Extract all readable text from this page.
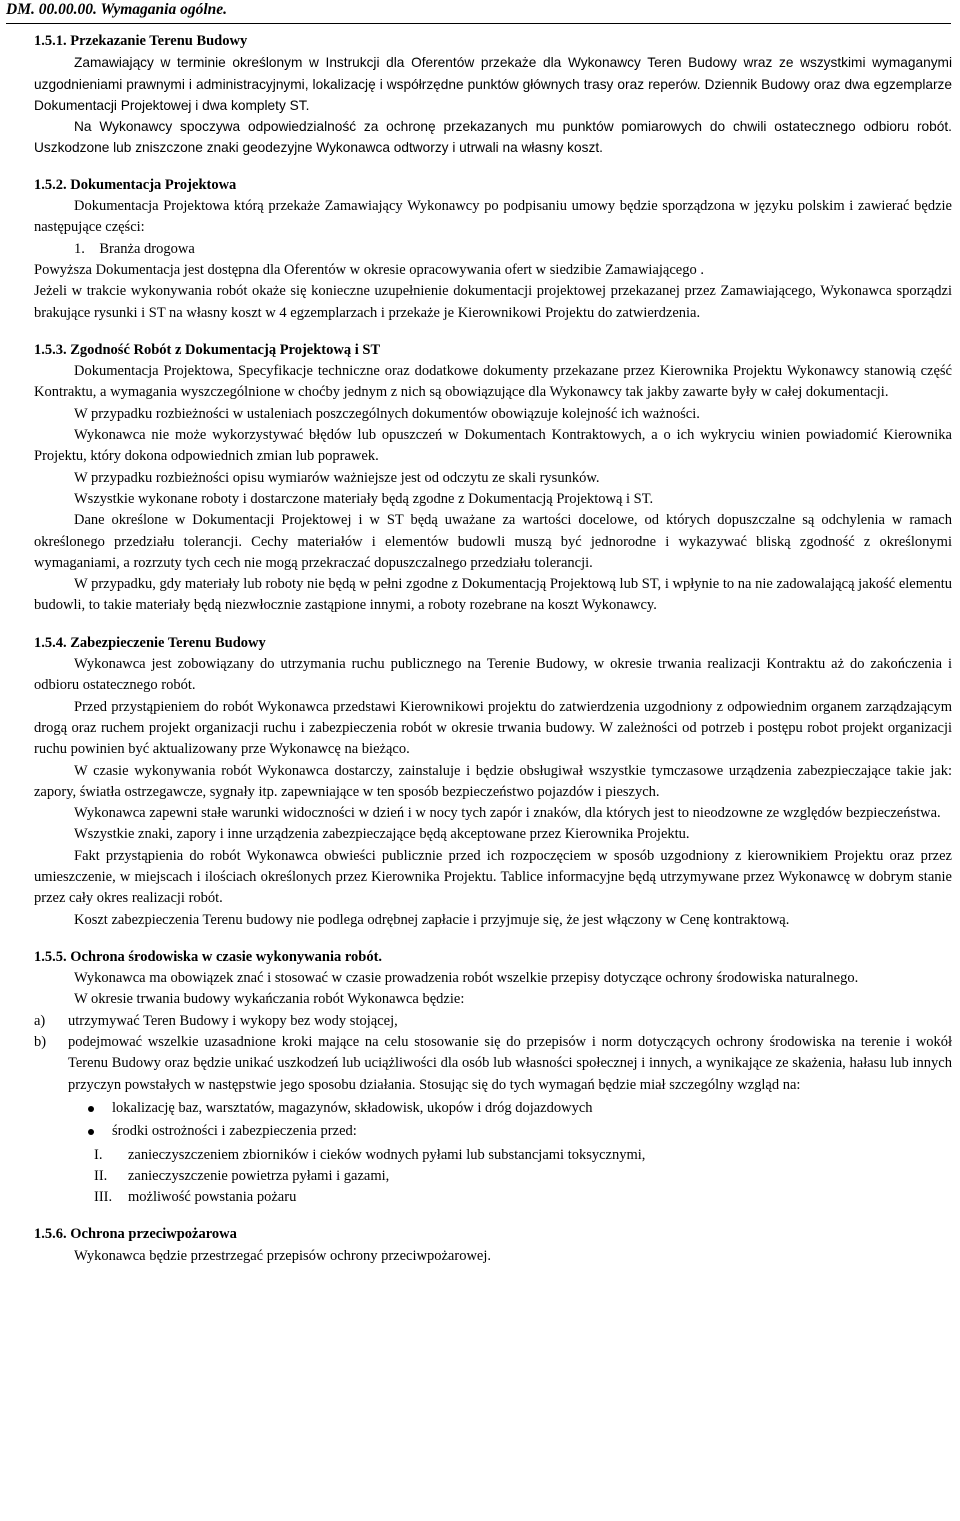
DM. 00.00.00. Wymagania ogólne.
1.5.1. Przekazanie Terenu Budowy

Zamawiający w terminie określonym w Instrukcji dla Oferentów przekaże dla Wykonawcy Teren Budowy wraz ze wszystkimi wymaganymi uzgodnieniami prawnymi i administracyjnymi, lokalizację i współrzędne punktów głównych trasy oraz reperów. Dziennik Budowy oraz dwa egzemplarze Dokumentacji Projektowej i dwa komplety ST.

Na Wykonawcy spoczywa odpowiedzialność za ochronę przekazanych mu punktów pomiarowych do chwili ostatecznego odbioru robót. Uszkodzone lub zniszczone znaki geodezyjne Wykonawca odtworzy i utrwali na własny koszt.

1.5.2. Dokumentacja Projektowa

Dokumentacja Projektowa którą przekaże Zamawiający Wykonawcy po podpisaniu umowy będzie sporządzona w języku polskim i zawierać będzie następujące części:

1. Branża drogowa

Powyższa Dokumentacja jest dostępna dla Oferentów w okresie opracowywania ofert w siedzibie Zamawiającego .

Jeżeli w trakcie wykonywania robót okaże się konieczne uzupełnienie dokumentacji projektowej przekazanej przez Zamawiającego, Wykonawca sporządzi brakujące rysunki i ST na własny koszt w 4 egzemplarzach i przekaże je Kierownikowi Projektu do zatwierdzenia.

1.5.3. Zgodność Robót z Dokumentacją Projektową i ST

Dokumentacja Projektowa, Specyfikacje techniczne oraz dodatkowe dokumenty przekazane przez Kierownika Projektu Wykonawcy stanowią część Kontraktu, a wymagania wyszczególnione w choćby jednym z nich są obowiązujące dla Wykonawcy tak jakby zawarte były w całej dokumentacji.

W przypadku rozbieżności w ustaleniach poszczególnych dokumentów obowiązuje kolejność ich ważności.

Wykonawca nie może wykorzystywać błędów lub opuszczeń w Dokumentach Kontraktowych, a o ich wykryciu winien powiadomić Kierownika Projektu, który dokona odpowiednich zmian lub poprawek.

W przypadku rozbieżności opisu wymiarów ważniejsze jest od odczytu ze skali rysunków.

Wszystkie wykonane roboty i dostarczone materiały będą zgodne z Dokumentacją Projektową i ST.

Dane określone w Dokumentacji Projektowej i w ST będą uważane za wartości docelowe, od których dopuszczalne są odchylenia w ramach określonego przedziału tolerancji. Cechy materiałów i elementów budowli muszą być jednorodne i wykazywać bliską zgodność z określonymi wymaganiami, a rozrzuty tych cech nie mogą przekraczać dopuszczalnego przedziału tolerancji.

W przypadku, gdy materiały lub roboty nie będą w pełni zgodne z Dokumentacją Projektową lub ST, i wpłynie to na nie zadowalającą jakość elementu budowli, to takie materiały będą niezwłocznie zastąpione innymi, a roboty rozebrane na koszt Wykonawcy.

1.5.4. Zabezpieczenie Terenu Budowy

Wykonawca jest zobowiązany do utrzymania ruchu publicznego na Terenie Budowy, w okresie trwania realizacji Kontraktu aż do zakończenia i odbioru ostatecznego robót.

Przed przystąpieniem do robót Wykonawca przedstawi Kierownikowi projektu do zatwierdzenia uzgodniony z odpowiednim organem zarządzającym drogą oraz ruchem projekt organizacji ruchu i zabezpieczenia robót w okresie trwania budowy. W zależności od potrzeb i postępu robot projekt organizacji ruchu powinien być aktualizowany prze Wykonawcę na bieżąco.

W czasie wykonywania robót Wykonawca dostarczy, zainstaluje i będzie obsługiwał wszystkie tymczasowe urządzenia zabezpieczające takie jak: zapory, światła ostrzegawcze, sygnały itp. zapewniające w ten sposób bezpieczeństwo pojazdów i pieszych.

Wykonawca zapewni stałe warunki widoczności w dzień i w nocy tych zapór i znaków, dla których jest to nieodzowne ze względów bezpieczeństwa.

Wszystkie znaki, zapory i inne urządzenia zabezpieczające będą akceptowane przez Kierownika Projektu.

Fakt przystąpienia do robót Wykonawca obwieści publicznie przed ich rozpoczęciem w sposób uzgodniony z kierownikiem Projektu oraz przez umieszczenie, w miejscach i ilościach określonych przez Kierownika Projektu. Tablice informacyjne będą utrzymywane przez Wykonawcę w dobrym stanie przez cały okres realizacji robót.

Koszt zabezpieczenia Terenu budowy nie podlega odrębnej zapłacie i przyjmuje się, że jest włączony w Cenę kontraktową.

1.5.5. Ochrona środowiska w czasie wykonywania robót.

Wykonawca ma obowiązek znać i stosować w czasie prowadzenia robót wszelkie przepisy dotyczące ochrony środowiska naturalnego.

W okresie trwania budowy wykańczania robót Wykonawca będzie:

a)	utrzymywać Teren Budowy i wykopy bez wody stojącej,
b)	podejmować wszelkie uzasadnione kroki mające na celu stosowanie się do przepisów i norm dotyczących ochrony środowiska na terenie i wokół Terenu Budowy oraz będzie unikać uszkodzeń lub uciążliwości dla osób lub własności społecznej i innych, a wynikające ze skażenia, hałasu lub innych przyczyn powstałych w następstwie jego sposobu działania. Stosując się do tych wymagań będzie miał szczególny wzgląd na:
lokalizację baz, warsztatów, magazynów, składowisk, ukopów i dróg dojazdowych
środki ostrożności i zabezpieczenia przed:
I.	zanieczyszczeniem zbiorników i cieków wodnych pyłami lub substancjami toksycznymi,
II.	zanieczyszczenie powietrza pyłami i gazami,
III.	możliwość powstania pożaru
1.5.6. Ochrona przeciwpożarowa

Wykonawca będzie przestrzegać przepisów ochrony przeciwpożarowej.
